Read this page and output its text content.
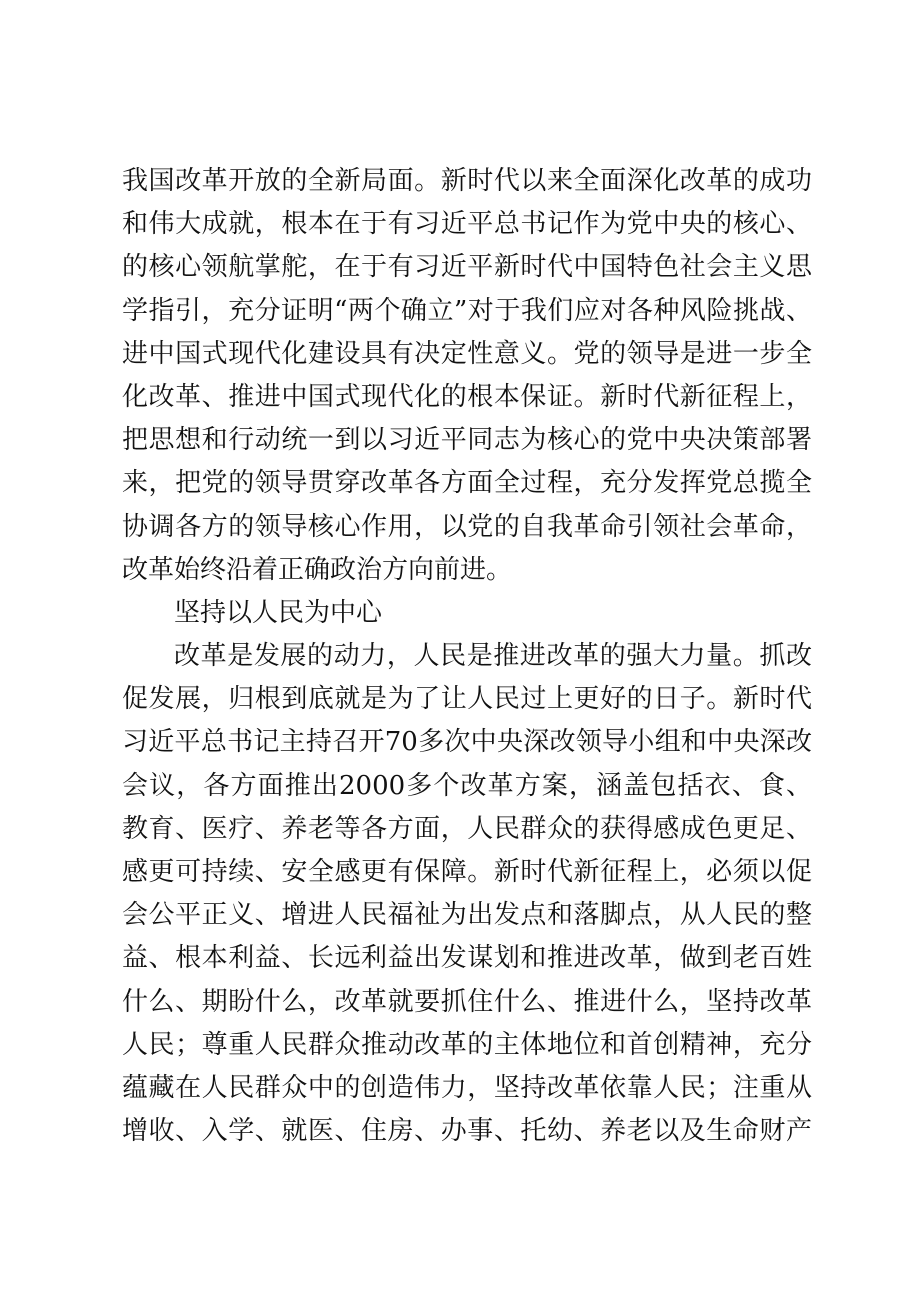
我国改革开放的全新局面。新时代以来全面深化改革的成功
和伟大成就，根本在于有习近平总书记作为党中央的核心、
的核心领航掌舵，在于有习近平新时代中国特色社会主义思
学指引，充分证明“两个确立”对于我们应对各种风险挑战、
进中国式现代化建设具有决定性意义。党的领导是进一步全
化改革、推进中国式现代化的根本保证。新时代新征程上，
把思想和行动统一到以习近平同志为核心的党中央决策部署
来，把党的领导贯穿改革各方面全过程，充分发挥党总揽全
协调各方的领导核心作用，以党的自我革命引领社会革命，
改革始终沿着正确政治方向前进。
坚持以人民为中心
改革是发展的动力，人民是推进改革的强大力量。抓改
促发展，归根到底就是为了让人民过上更好的日子。新时代
习近平总书记主持召开70多次中央深改领导小组和中央深改
会议，各方面推出2000多个改革方案，涵盖包括衣、食、
教育、医疗、养老等各方面，人民群众的获得感成色更足、
感更可持续、安全感更有保障。新时代新征程上，必须以促
会公平正义、增进人民福祉为出发点和落脚点，从人民的整
益、根本利益、长远利益出发谋划和推进改革，做到老百姓
什么、期盼什么，改革就要抓住什么、推进什么，坚持改革
人民；尊重人民群众推动改革的主体地位和首创精神，充分
蕴藏在人民群众中的创造伟力，坚持改革依靠人民；注重从
增收、入学、就医、住房、办事、托幼、养老以及生命财产
